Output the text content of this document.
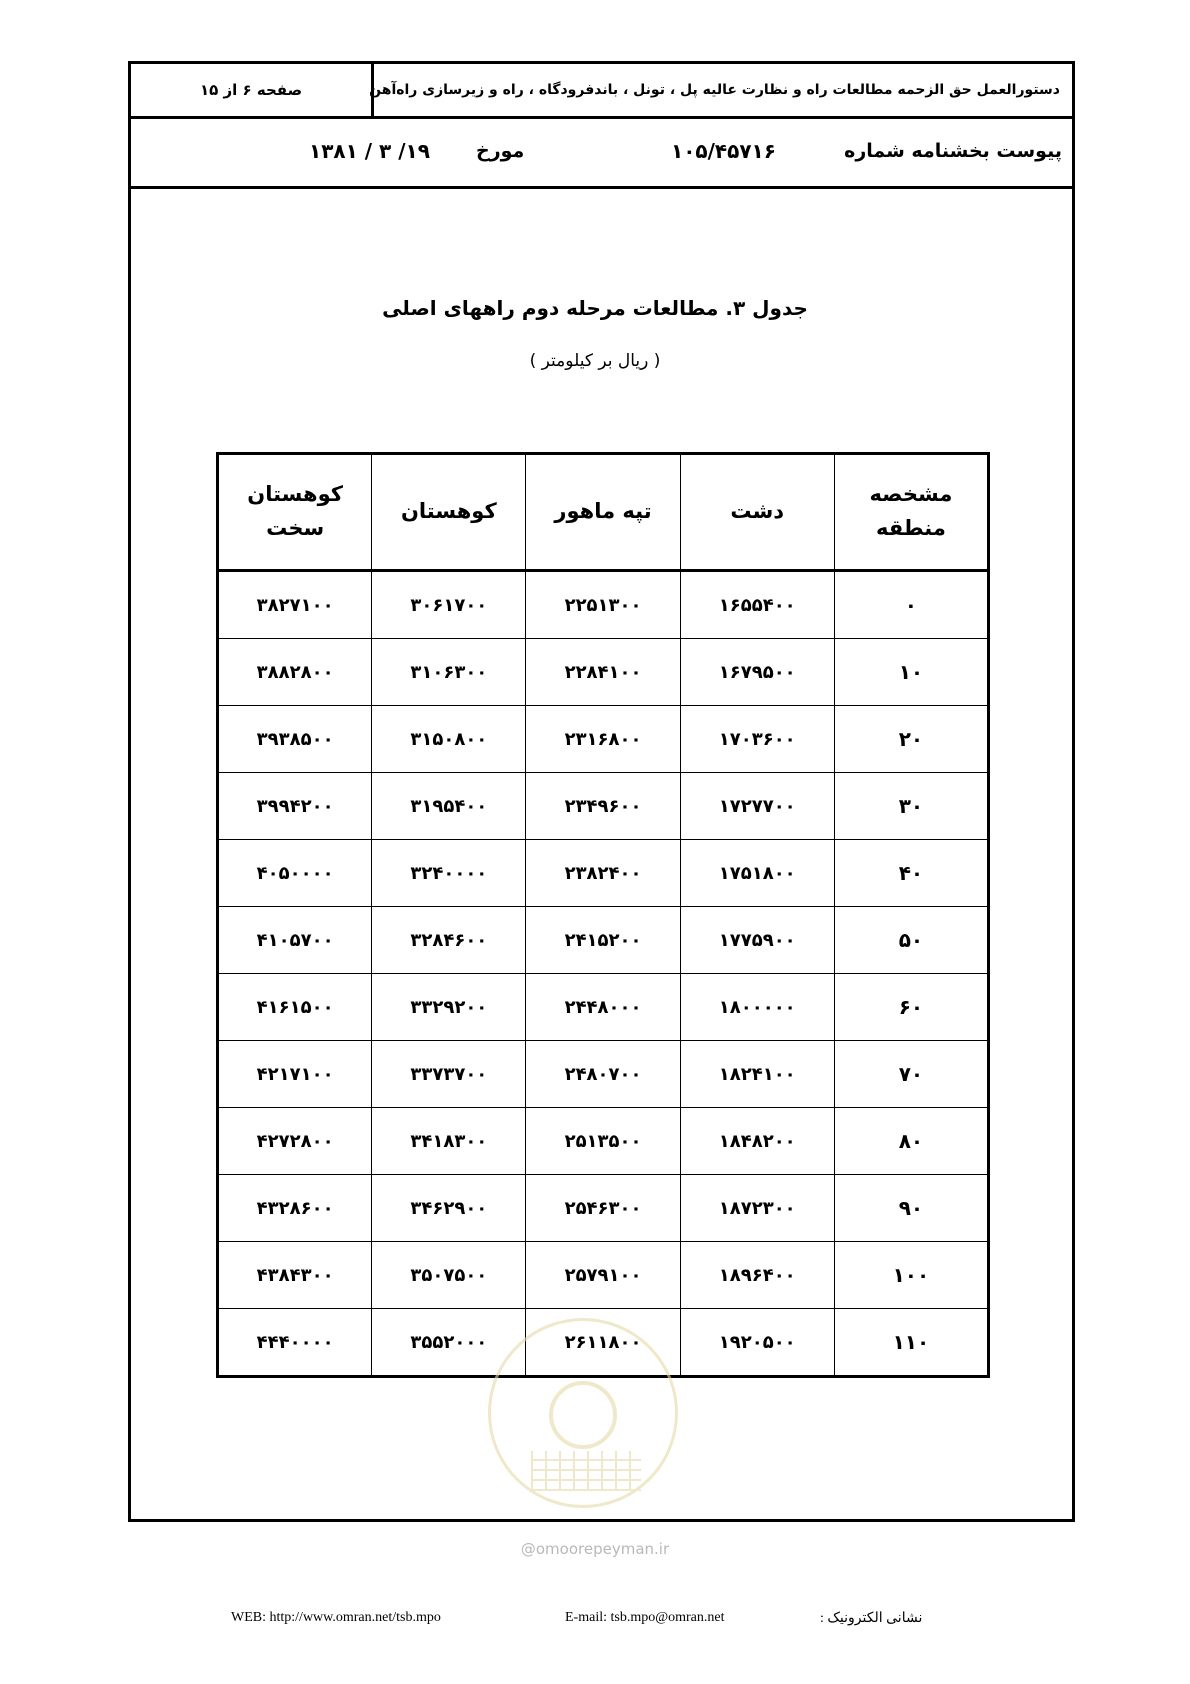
صفحه ۶ از ۱۵	دستورالعمل حق الزحمه مطالعات راه و نظارت عالیه پل ، تونل ، باندفرودگاه ، راه و زیرسازی راه‌آهن
پیوست بخشنامه شماره
۱۰۵/۴۵۷۱۶
مورخ
۱۳۸۱ / ۳ /۱۹
جدول ۳. مطالعات مرحله دوم راههای اصلی
( ریال بر کیلومتر )
مشخصه منطقه	دشت	تپه ماهور	کوهستان	کوهستان سخت
۰	۱۶۵۵۴۰۰	۲۲۵۱۳۰۰	۳۰۶۱۷۰۰	۳۸۲۷۱۰۰
۱۰	۱۶۷۹۵۰۰	۲۲۸۴۱۰۰	۳۱۰۶۳۰۰	۳۸۸۲۸۰۰
۲۰	۱۷۰۳۶۰۰	۲۳۱۶۸۰۰	۳۱۵۰۸۰۰	۳۹۳۸۵۰۰
۳۰	۱۷۲۷۷۰۰	۲۳۴۹۶۰۰	۳۱۹۵۴۰۰	۳۹۹۴۲۰۰
۴۰	۱۷۵۱۸۰۰	۲۳۸۲۴۰۰	۳۲۴۰۰۰۰	۴۰۵۰۰۰۰
۵۰	۱۷۷۵۹۰۰	۲۴۱۵۲۰۰	۳۲۸۴۶۰۰	۴۱۰۵۷۰۰
۶۰	۱۸۰۰۰۰۰	۲۴۴۸۰۰۰	۳۳۲۹۲۰۰	۴۱۶۱۵۰۰
۷۰	۱۸۲۴۱۰۰	۲۴۸۰۷۰۰	۳۳۷۳۷۰۰	۴۲۱۷۱۰۰
۸۰	۱۸۴۸۲۰۰	۲۵۱۳۵۰۰	۳۴۱۸۳۰۰	۴۲۷۲۸۰۰
۹۰	۱۸۷۲۳۰۰	۲۵۴۶۳۰۰	۳۴۶۲۹۰۰	۴۳۲۸۶۰۰
۱۰۰	۱۸۹۶۴۰۰	۲۵۷۹۱۰۰	۳۵۰۷۵۰۰	۴۳۸۴۳۰۰
۱۱۰	۱۹۲۰۵۰۰	۲۶۱۱۸۰۰	۳۵۵۲۰۰۰	۴۴۴۰۰۰۰
@omoorepeyman.ir
WEB: http://www.omran.net/tsb.mpo	E-mail: tsb.mpo@omran.net	نشانی الکترونیک :
